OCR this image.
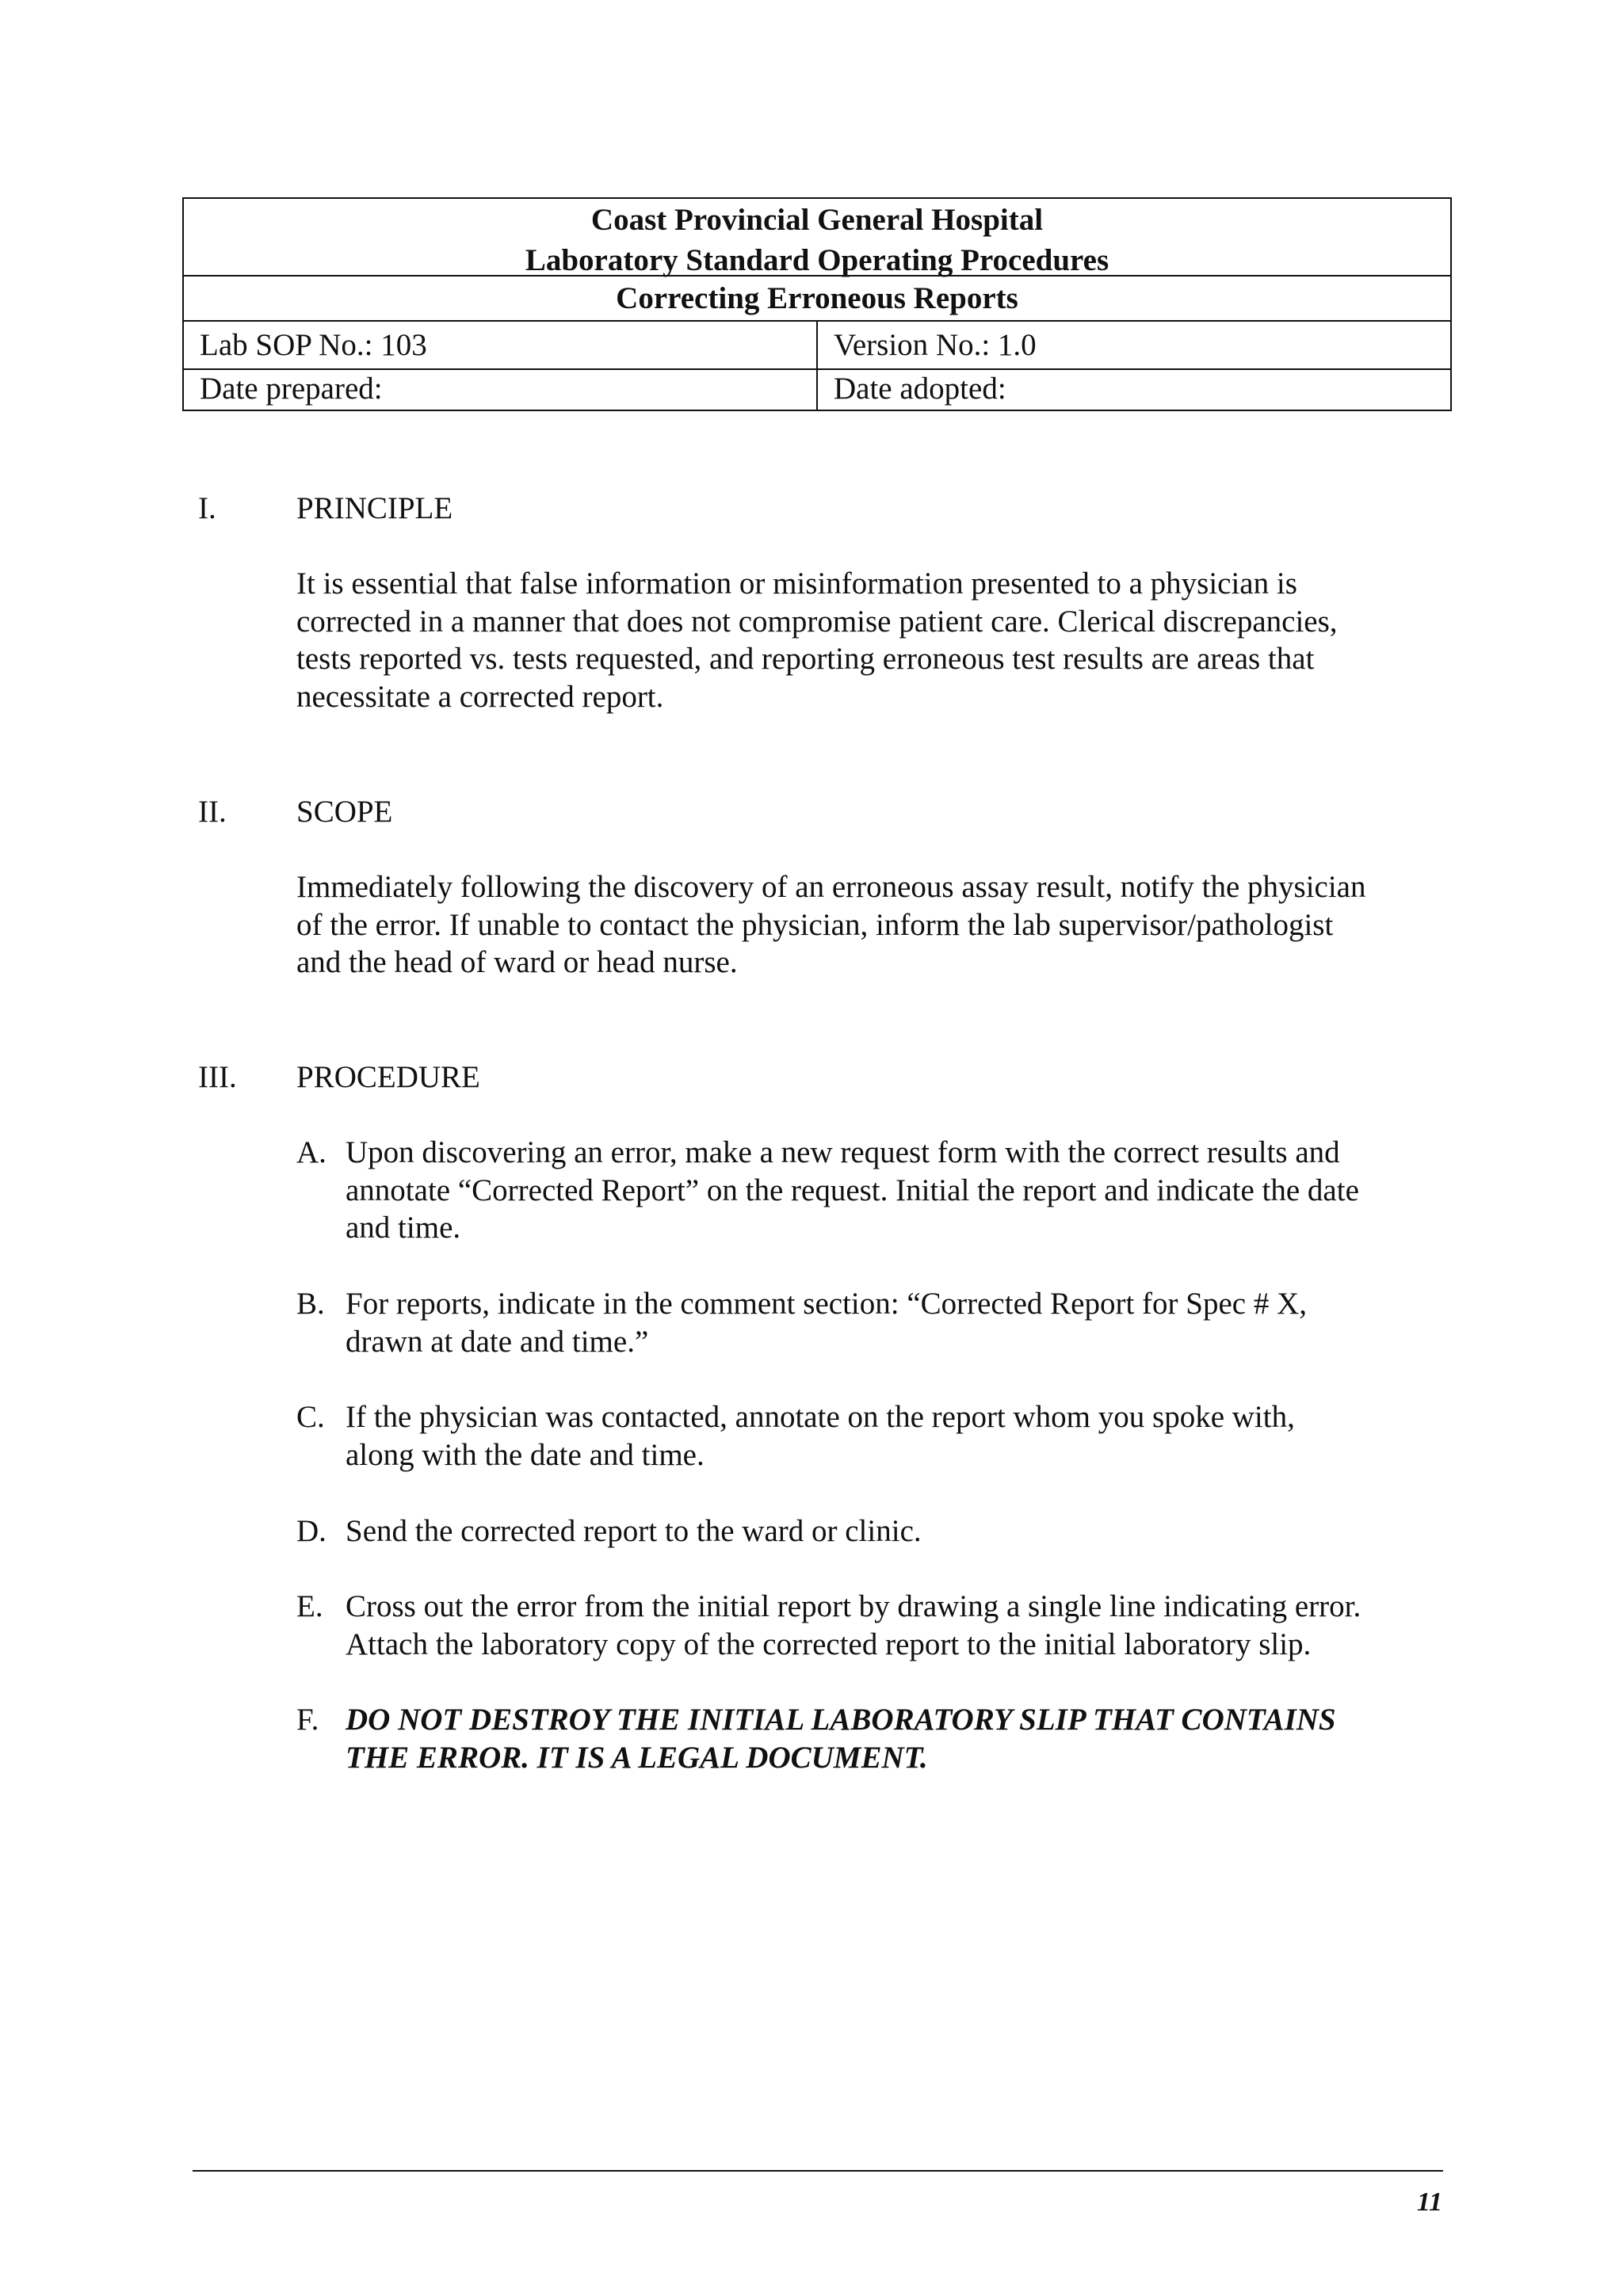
Coast Provincial General Hospital
Laboratory Standard Operating Procedures
Correcting Erroneous Reports
Lab SOP No.: 103	Version No.: 1.0
Date prepared:	Date adopted:
I.	PRINCIPLE
It is essential that false information or misinformation presented to a physician is
corrected in a manner that does not compromise patient care. Clerical discrepancies,
tests reported vs. tests requested, and reporting erroneous test results are areas that
necessitate a corrected report.
II. SCOPE
Immediately following the discovery of an erroneous assay result, notify the physician
of the error. If unable to contact the physician, inform the lab supervisor/pathologist
and the head of ward or head nurse.
III. PROCEDURE
A. Upon discovering an error, make a new request form with the correct results and
annotate “Corrected Report” on the request. Initial the report and indicate the date
and time.
B. For reports, indicate in the comment section: “Corrected Report for Spec # X,
drawn at date and time.”
C. If the physician was contacted, annotate on the report whom you spoke with,
along with the date and time.
D. Send the corrected report to the ward or clinic.
E. Cross out the error from the initial report by drawing a single line indicating error.
Attach the laboratory copy of the corrected report to the initial laboratory slip.
F. DO NOT DESTROY THE INITIAL LABORATORY SLIP THAT CONTAINS
THE ERROR. IT IS A LEGAL DOCUMENT.
11
